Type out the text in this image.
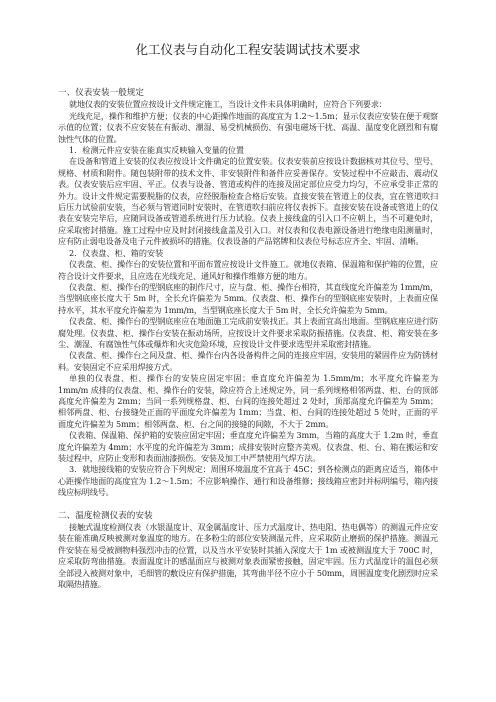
化工仪表与自动化工程安装调试技术要求
一、仪表安装一般规定
就地仪表的安装位置应按设计文件规定施工，当设计文件未具体明确时，应符合下列要求：
光线充足，操作和维护方便；仪表的中心距操作地面的高度宜为 1.2～1.5m；显示仪表应安装在便于观察示值的位置；仪表不应安装在有振动、潮湿、易受机械损伤、有强电磁场干扰、高温、温度变化剧烈和有腐蚀性气体的位置。
1．检测元件应安装在能真实反映输入变量的位置
在设备和管道上安装的仪表应按设计文件确定的位置安装。仪表安装前应按设计数据核对其位号、型号、规格、材质和附件。随包装附带的技术文件、非安装附件和备件应妥善保存。安装过程中不应敲击、震动仪表。仪表安装后应牢固、平正。仪表与设备、管道或构件的连接及固定部位应受力均匀，不应承受非正常的外力。设计文件规定需要脱脂的仪表，应经脱脂检查合格后安装。直接安装在管道上的仪表，宜在管道吹扫后压力试验前安装，当必须与管道同时安装时，在管道吹扫前应将仪表拆下。直接安装在设备或管道上的仪表在安装完毕后，应随同设备或管道系统进行压力试验。仪表上接线盒的引入口不应朝上，当不可避免时，应采取密封措施。施工过程中应及时封闭接线盒盖及引入口。对仪表和仪表电源设备进行绝缘电阻测量时，应有防止弱电设备及电子元件被损坏的措施。仪表设备的产品铭牌和仪表位号标志应齐全、牢固、清晰。
2．仪表盘、柜、箱的安装
仪表盘、柜、操作台的安装位置和平面布置应按设计文件施工。就地仪表箱、保温箱和保护箱的位置，应符合设计文件要求，且应选在光线充足、通风好和操作维修方便的地方。
仪表盘、柜、操作台的型钢底座的制作尺寸，应与盘、柜、操作台相符，其直线度允许偏差为 1mm/m，当型钢底座长度大于 5m 时，全长允许偏差为 5mm。仪表盘、柜、操作台的型钢底座安装时，上表面应保持水平，其水平度允许偏差为 1mm/m，当型钢底座长度大于 5m 时，全长允许偏差为 5mm。
仪表盘、柜、操作台的型钢底座应在地面施工完成前安装找正。其上表面宜高出地面。型钢底座应进行防腐处理。仪表盘、柜、操作台安装在振动场所，应按设计文件要求采取防振措施。仪表盘、柜、箱安装在多尘、潮湿、有腐蚀性气体或爆炸和火灾危险环境，应按设计文件要求选型并采取密封措施。
仪表盘、柜、操作台之间及盘、柜、操作台内各设备构件之间的连接应牢固，安装用的紧固件应为防锈材料。安装固定不应采用焊接方式。
单独的仪表盘、柜、操作台的安装应固定牢固；垂直度允许偏差为 1.5mm/m；水平度允许偏差为 1mm/m 成排的仪表盘、柜、操作台的安装，除应符合上述规定外，同一系列规格相邻两盘、柜、台的顶部高度允许偏差为 2mm；当同一系列规格盘、柜、台间的连接处超过 2 处时，顶部高度允许偏差为 5mm；相邻两盘、柜、台接缝处正面的平面度允许偏差为 1mm；当盘、柜、台间的连接处超过 5 处时，正面的平面度允许偏差为 5mm；相邻两盘、柜、台之间的接缝的间隙，不大于 2mm。
仪表箱、保温箱、保护箱的安装应固定牢固；垂直度允许偏差为 3mm，当箱的高度大于 1.2m 时，垂直度允许偏差为 4mm；水平度的允许偏差为 3mm；成排安装时应整齐美观。仪表盘、柜、台、箱在搬运和安装过程中，应防止变形和表面油漆损伤。安装及加工中严禁使用气焊方法。
3．就地接线箱的安装应符合下列规定：周围环境温度不宜高于 45C；到各检测点的距离应适当，箱体中心距操作地面的高度宜为 1.2～1.5m；不应影响操作、通行和设备维修；接线箱应密封并标明编号，箱内接线应标明线号。
二、温度检测仪表的安装
接触式温度检测仪表（水银温度计、双金属温度计、压力式温度计、热电阻、热电偶等）的测温元件应安装在能准确反映被测对象温度的地方。在多粉尘的部位安装测温元件，应采取防止磨损的保护措施。测温元件安装在易受被测物料强烈冲击的位置，以及当水平安装时其插入深度大于 1m 或被测温度大于 700C 时，应采取防弯曲措施。表面温度计的感温面应与被测对象表面紧密接触，固定牢固。压力式温度计的温包必须全部浸入被测对象中，毛细管的敷设应有保护措施，其弯曲半径不应小于 50mm，周围温度变化剧烈时应采取隔热措施。
